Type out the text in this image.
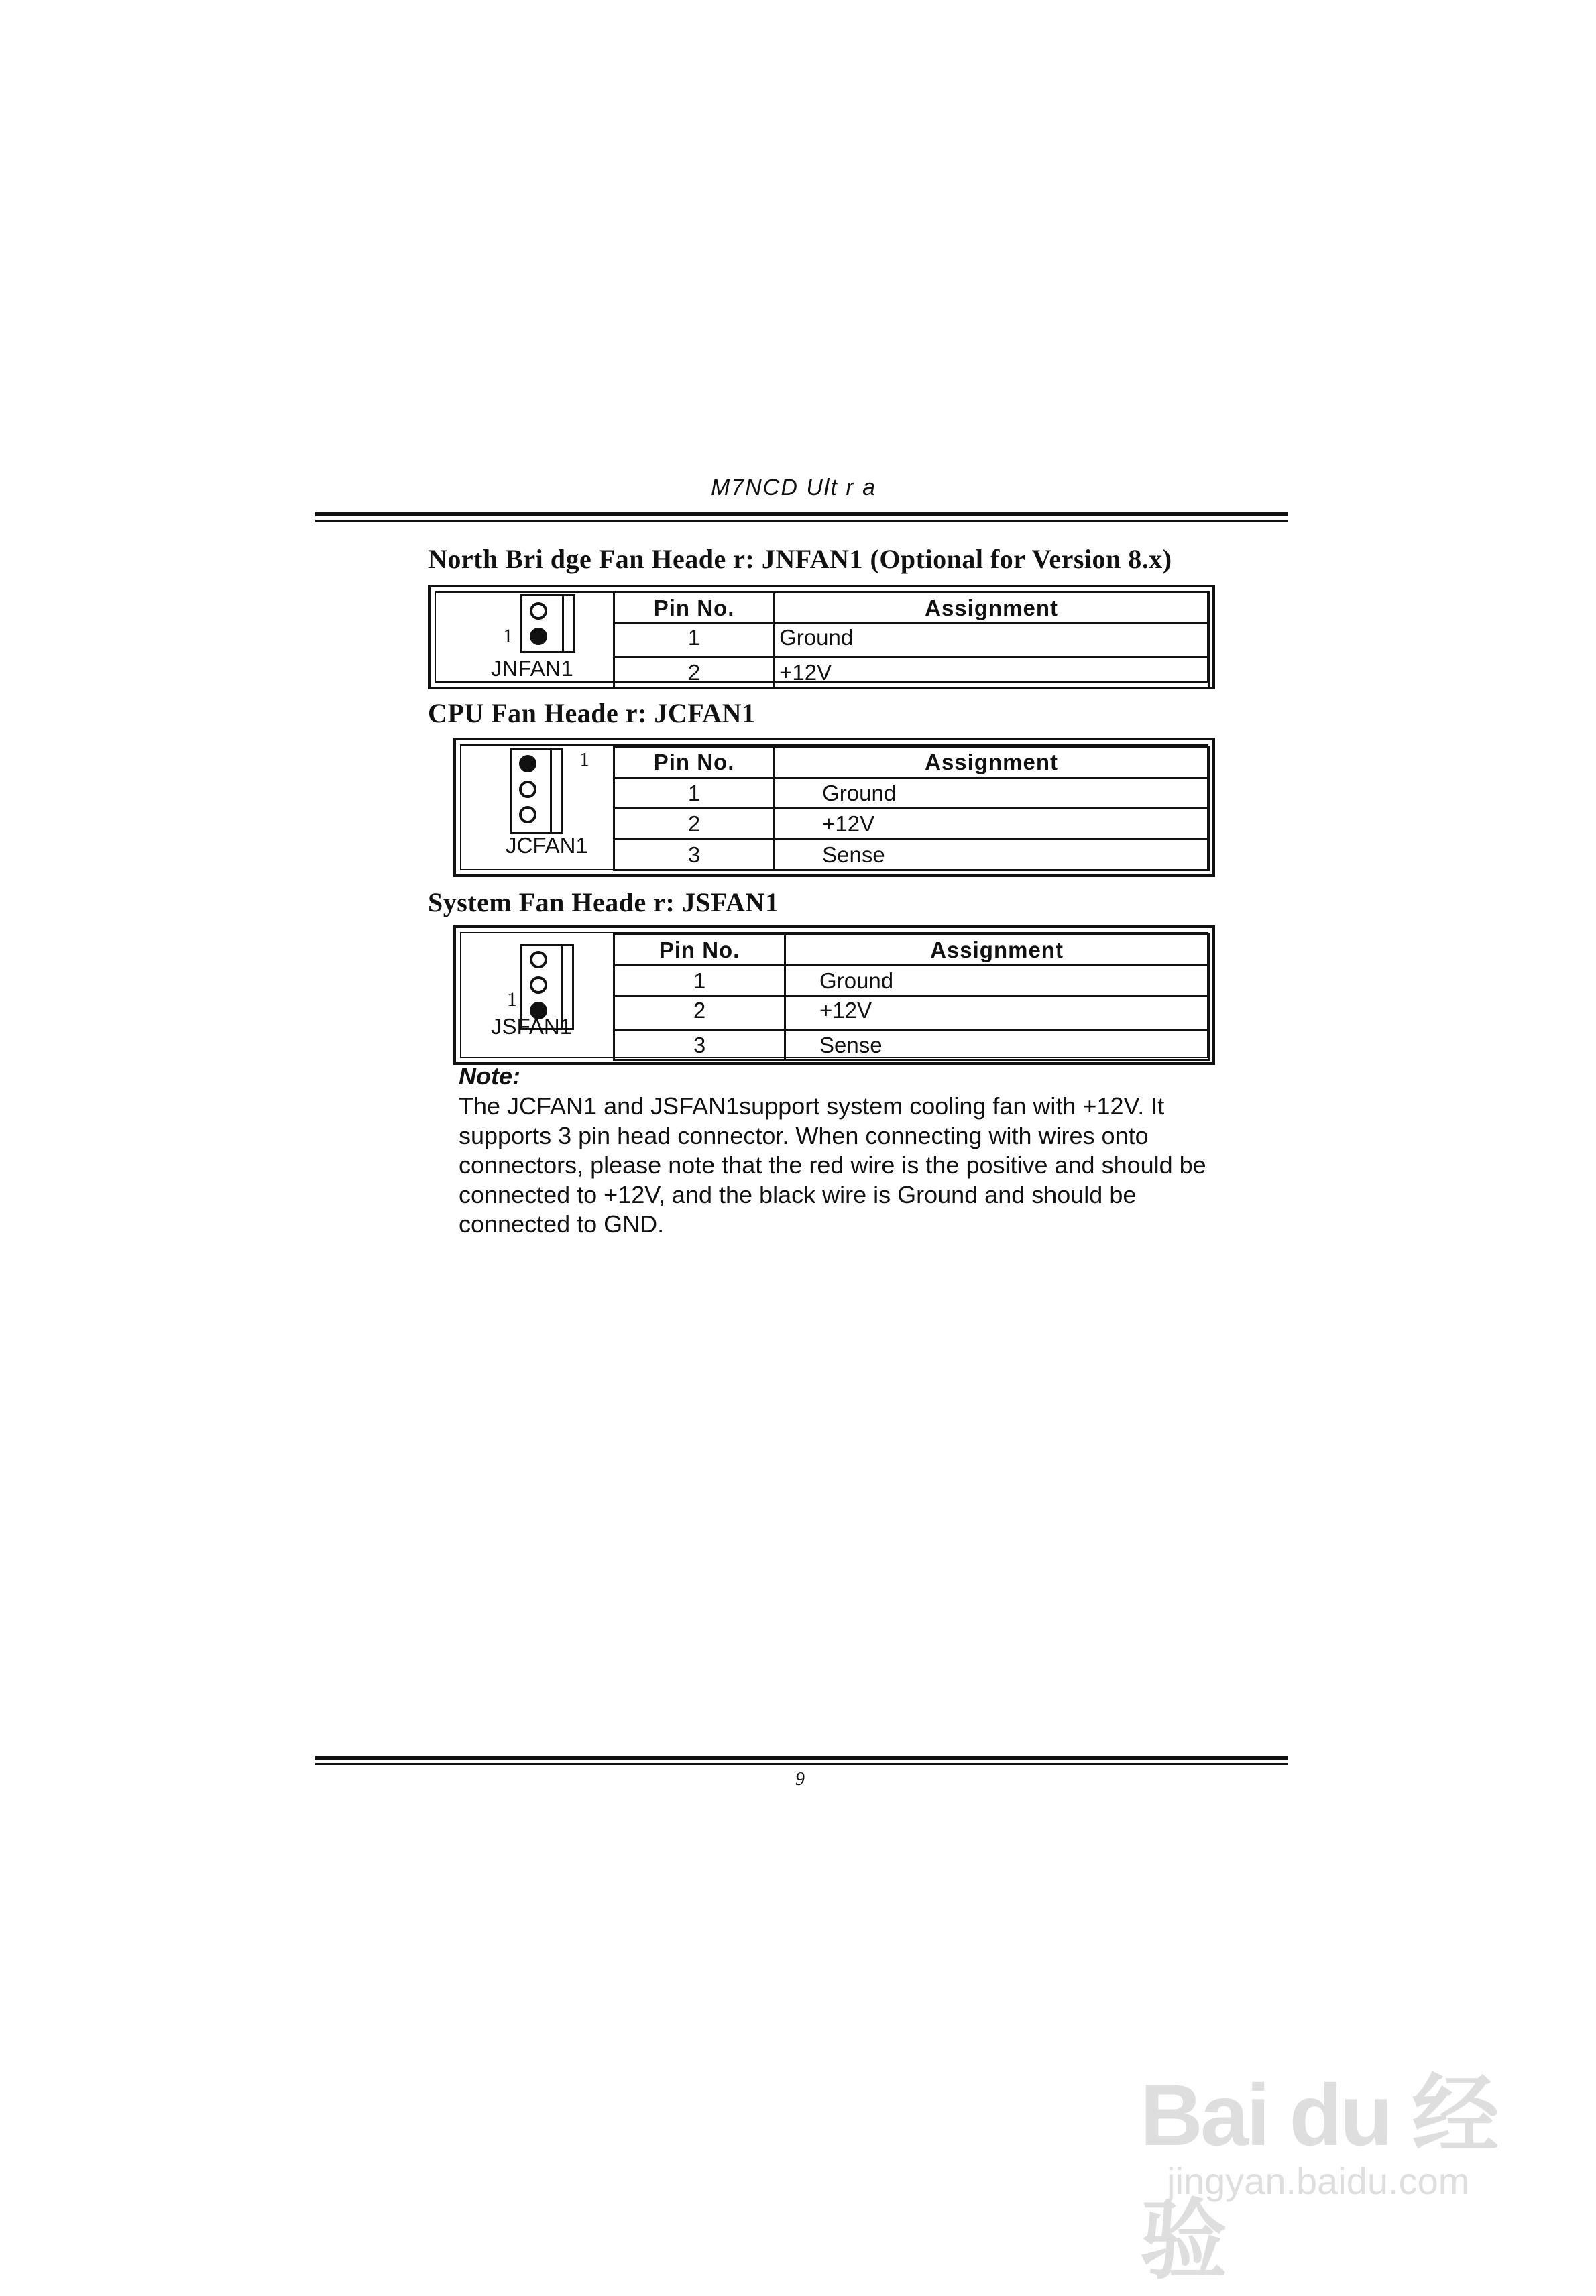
M7NCD Ult r a
North Bri dge Fan Heade r: JNFAN1 (Optional for Version 8.x)
1
JNFAN1
Pin No.	Assignment
1	Ground
2	+12V
CPU Fan Heade r: JCFAN1
1
JCFAN1
Pin No.	Assignment
1	Ground
2	+12V
3	Sense
System Fan Heade r: JSFAN1
1
JSFAN1
Pin No.	Assignment
1	Ground
2	+12V
3	Sense
Note:
The JCFAN1 and JSFAN1support system cooling fan with +12V. It
supports 3 pin head connector. When connecting with wires onto
connectors, please note that the red wire is the positive and should be
connected to +12V, and the black wire is Ground and should be
connected to GND.
9
Bai du 经验
jingyan.baidu.com
